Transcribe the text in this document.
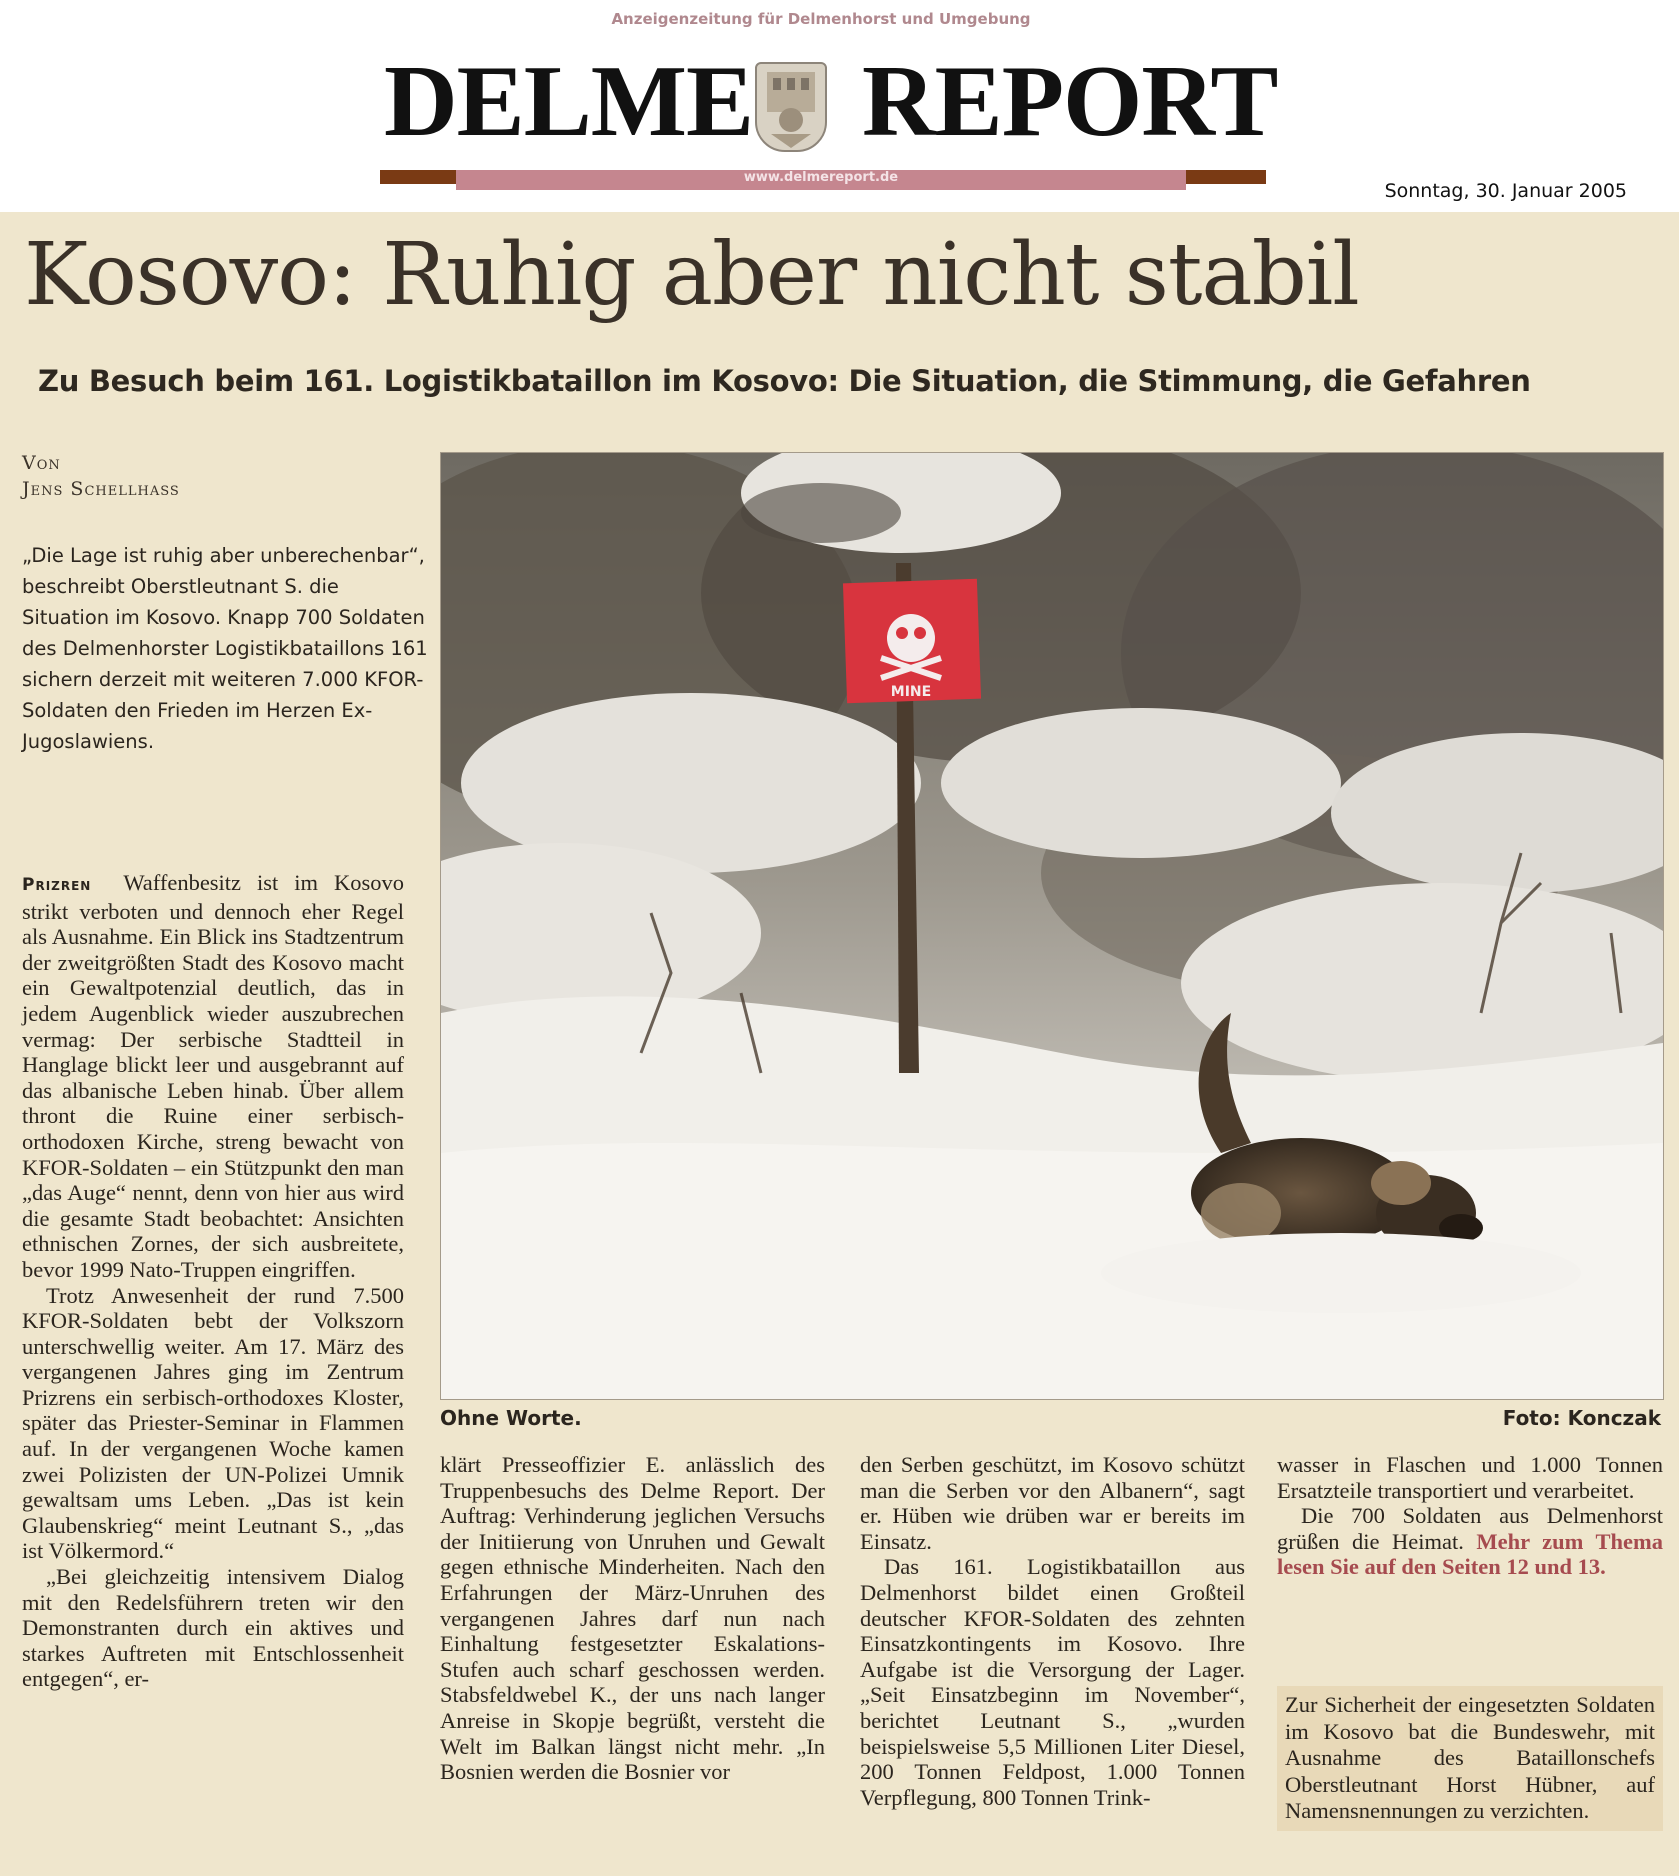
Anzeigenzeitung für Delmenhorst und Umgebung
DELME REPORT
www.delmereport.de
Sonntag, 30. Januar 2005
Kosovo: Ruhig aber nicht stabil
Zu Besuch beim 161. Logistikbataillon im Kosovo: Die Situation, die Stimmung, die Gefahren
Von
Jens Schellhass
„Die Lage ist ruhig aber unberechenbar“, beschreibt Oberstleutnant S. die Situation im Kosovo. Knapp 700 Soldaten des Delmenhorster Logistikbataillons 161 sichern derzeit mit weiteren 7.000 KFOR-Soldaten den Frieden im Herzen Ex-Jugoslawiens.

Prizren Waffenbesitz ist im Kosovo strikt verboten und dennoch eher Regel als Ausnahme. Ein Blick ins Stadtzentrum der zweitgrößten Stadt des Kosovo macht ein Gewaltpotenzial deutlich, das in jedem Augenblick wieder auszubrechen vermag: Der serbische Stadtteil in Hanglage blickt leer und ausgebrannt auf das albanische Leben hinab. Über allem thront die Ruine einer serbisch-orthodoxen Kirche, streng bewacht von KFOR-Soldaten – ein Stützpunkt den man „das Auge“ nennt, denn von hier aus wird die gesamte Stadt beobachtet: Ansichten ethnischen Zornes, der sich ausbreitete, bevor 1999 Nato-Truppen eingriffen.

Trotz Anwesenheit der rund 7.500 KFOR-Soldaten bebt der Volkszorn unterschwellig weiter. Am 17. März des vergangenen Jahres ging im Zentrum Prizrens ein serbisch-orthodoxes Kloster, später das Priester-Seminar in Flammen auf. In der vergangenen Woche kamen zwei Polizisten der UN-Polizei Umnik gewaltsam ums Leben. „Das ist kein Glaubenskrieg“ meint Leutnant S., „das ist Völkermord.“

„Bei gleichzeitig intensivem Dialog mit den Redelsführern treten wir den Demonstranten durch ein aktives und starkes Auftreten mit Entschlossenheit entgegen“, er-

MINE
Ohne Worte.	Foto: Konczak

klärt Presseoffizier E. anlässlich des Truppenbesuchs des Delme Report. Der Auftrag: Verhinderung jeglichen Versuchs der Initiierung von Unruhen und Gewalt gegen ethnische Minderheiten. Nach den Erfahrungen der März-Unruhen des vergangenen Jahres darf nun nach Einhaltung festgesetzter Eskalations-Stufen auch scharf geschossen werden. Stabsfeldwebel K., der uns nach langer Anreise in Skopje begrüßt, versteht die Welt im Balkan längst nicht mehr. „In Bosnien werden die Bosnier vor

den Serben geschützt, im Kosovo schützt man die Serben vor den Albanern“, sagt er. Hüben wie drüben war er bereits im Einsatz.

Das 161. Logistikbataillon aus Delmenhorst bildet einen Großteil deutscher KFOR-Soldaten des zehnten Einsatzkontingents im Kosovo. Ihre Aufgabe ist die Versorgung der Lager. „Seit Einsatzbeginn im November“, berichtet Leutnant S., „wurden beispielsweise 5,5 Millionen Liter Diesel, 200 Tonnen Feldpost, 1.000 Tonnen Verpflegung, 800 Tonnen Trink-

wasser in Flaschen und 1.000 Tonnen Ersatzteile transportiert und verarbeitet.

Die 700 Soldaten aus Delmenhorst grüßen die Heimat. Mehr zum Thema lesen Sie auf den Seiten 12 und 13.

Zur Sicherheit der eingesetzten Soldaten im Kosovo bat die Bundeswehr, mit Ausnahme des Bataillonschefs Oberstleutnant Horst Hübner, auf Namensnennungen zu verzichten.
